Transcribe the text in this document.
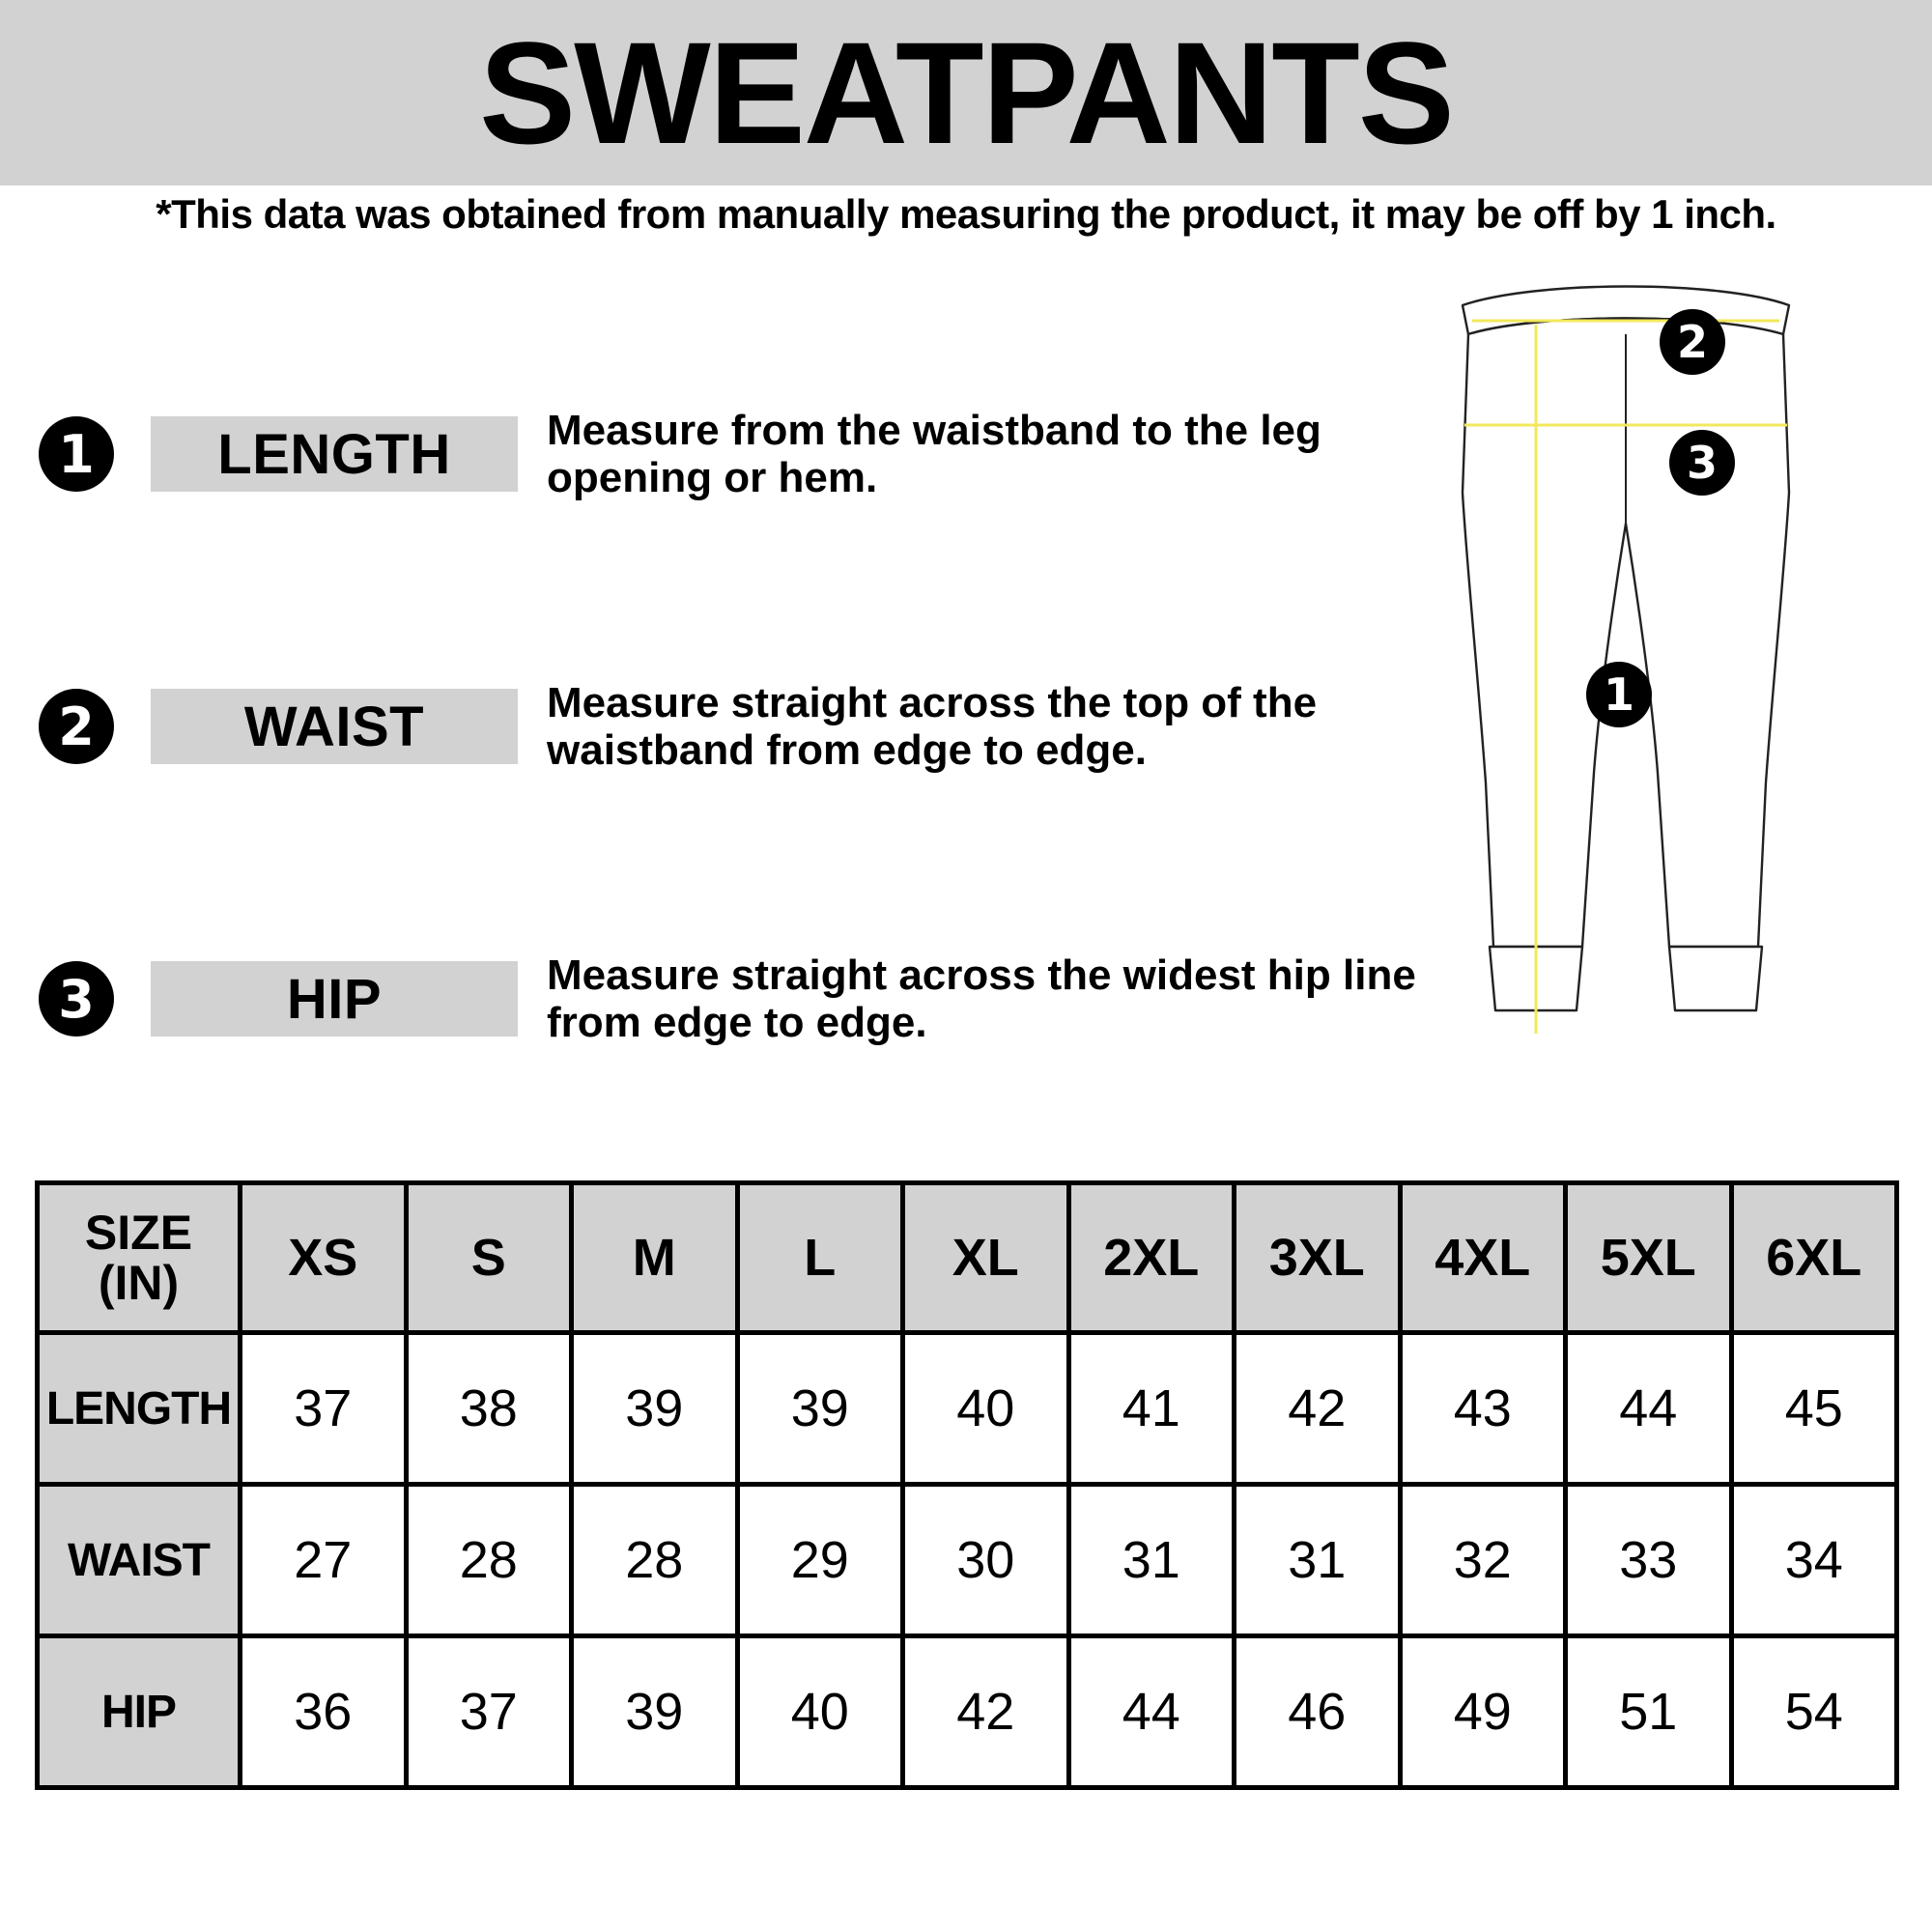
SWEATPANTS
*This data was obtained from manually measuring the product, it may be off by 1 inch.
1	LENGTH	Measure from the waistband to the leg opening or hem.
2	WAIST	Measure straight across the top of the waistband from edge to edge.
3	HIP	Measure straight across the widest hip line from edge to edge.
1
2
3
SIZE
(IN)	XS	S	M	L	XL	2XL	3XL	4XL	5XL	6XL
LENGTH	37	38	39	39	40	41	42	43	44	45
WAIST	27	28	28	29	30	31	31	32	33	34
HIP	36	37	39	40	42	44	46	49	51	54
